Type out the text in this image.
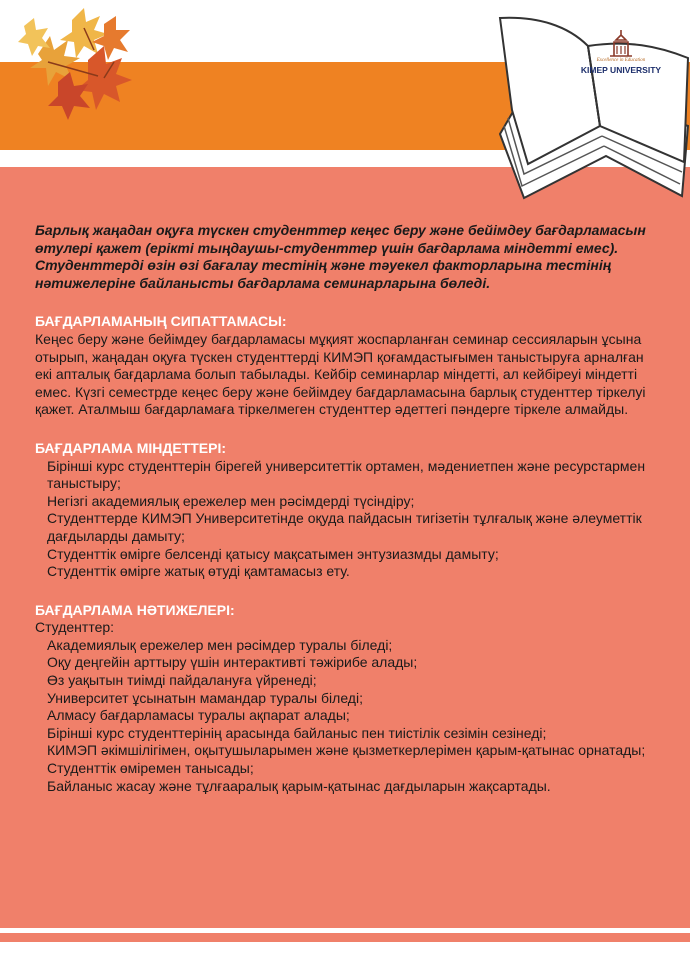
Excellence in Education
KIMEP UNIVERSITY

Барлық жаңадан оқуға түскен студенттер кеңес беру және бейімдеу бағдарламасын өтулері қажет (ерікті тыңдаушы-студенттер үшін бағдарлама міндетті емес). Студенттерді өзін өзі бағалау тестінің және тәуекел факторларына тестінің нәтижелеріне байланысты бағдарлама семинарларына бөледі.

БАҒДАРЛАМАНЫҢ СИПАТТАМАСЫ:

Кеңес беру және бейімдеу бағдарламасы мұқият жоспарланған семинар сессияларын ұсына отырып, жаңадан оқуға түскен студенттерді КИМЭП қоғамдастығымен таныстыруға арналған екі апталық бағдарлама болып табылады. Кейбір семинарлар міндетті, ал кейбіреуі міндетті емес. Күзгі семестрде кеңес беру және бейімдеу бағдарламасына барлық студенттер тіркелуі қажет. Аталмыш бағдарламаға тіркелмеген студенттер әдеттегі пәндерге тіркеле алмайды.

БАҒДАРЛАМА МІНДЕТТЕРІ:

Бірінші курс студенттерін бірегей университеттік ортамен, мәдениетпен және ресурстармен таныстыру;

Негізгі академиялық ережелер мен рәсімдерді түсіндіру;

Студенттерде КИМЭП Университетінде оқуда пайдасын тигізетін тұлғалық және әлеуметтік дағдыларды дамыту;

Студенттік өмірге белсенді қатысу мақсатымен энтузиазмды дамыту;

Студенттік өмірге жатық өтуді қамтамасыз ету.

БАҒДАРЛАМА НӘТИЖЕЛЕРІ:

Студенттер:

Академиялық ережелер мен рәсімдер туралы біледі;

Оқу деңгейін арттыру үшін интерактивті тәжірибе алады;

Өз уақытын тиімді пайдалануға үйренеді;

Университет ұсынатын мамандар туралы біледі;

Алмасу бағдарламасы туралы ақпарат алады;

Бірінші курс студенттерінің арасында байланыс пен тиістілік сезімін сезінеді;

КИМЭП әкімшілігімен, оқытушыларымен және қызметкерлерімен қарым-қатынас орнатады;

Студенттік өміремен танысады;

Байланыс жасау және тұлғааралық қарым-қатынас дағдыларын жақсартады.
